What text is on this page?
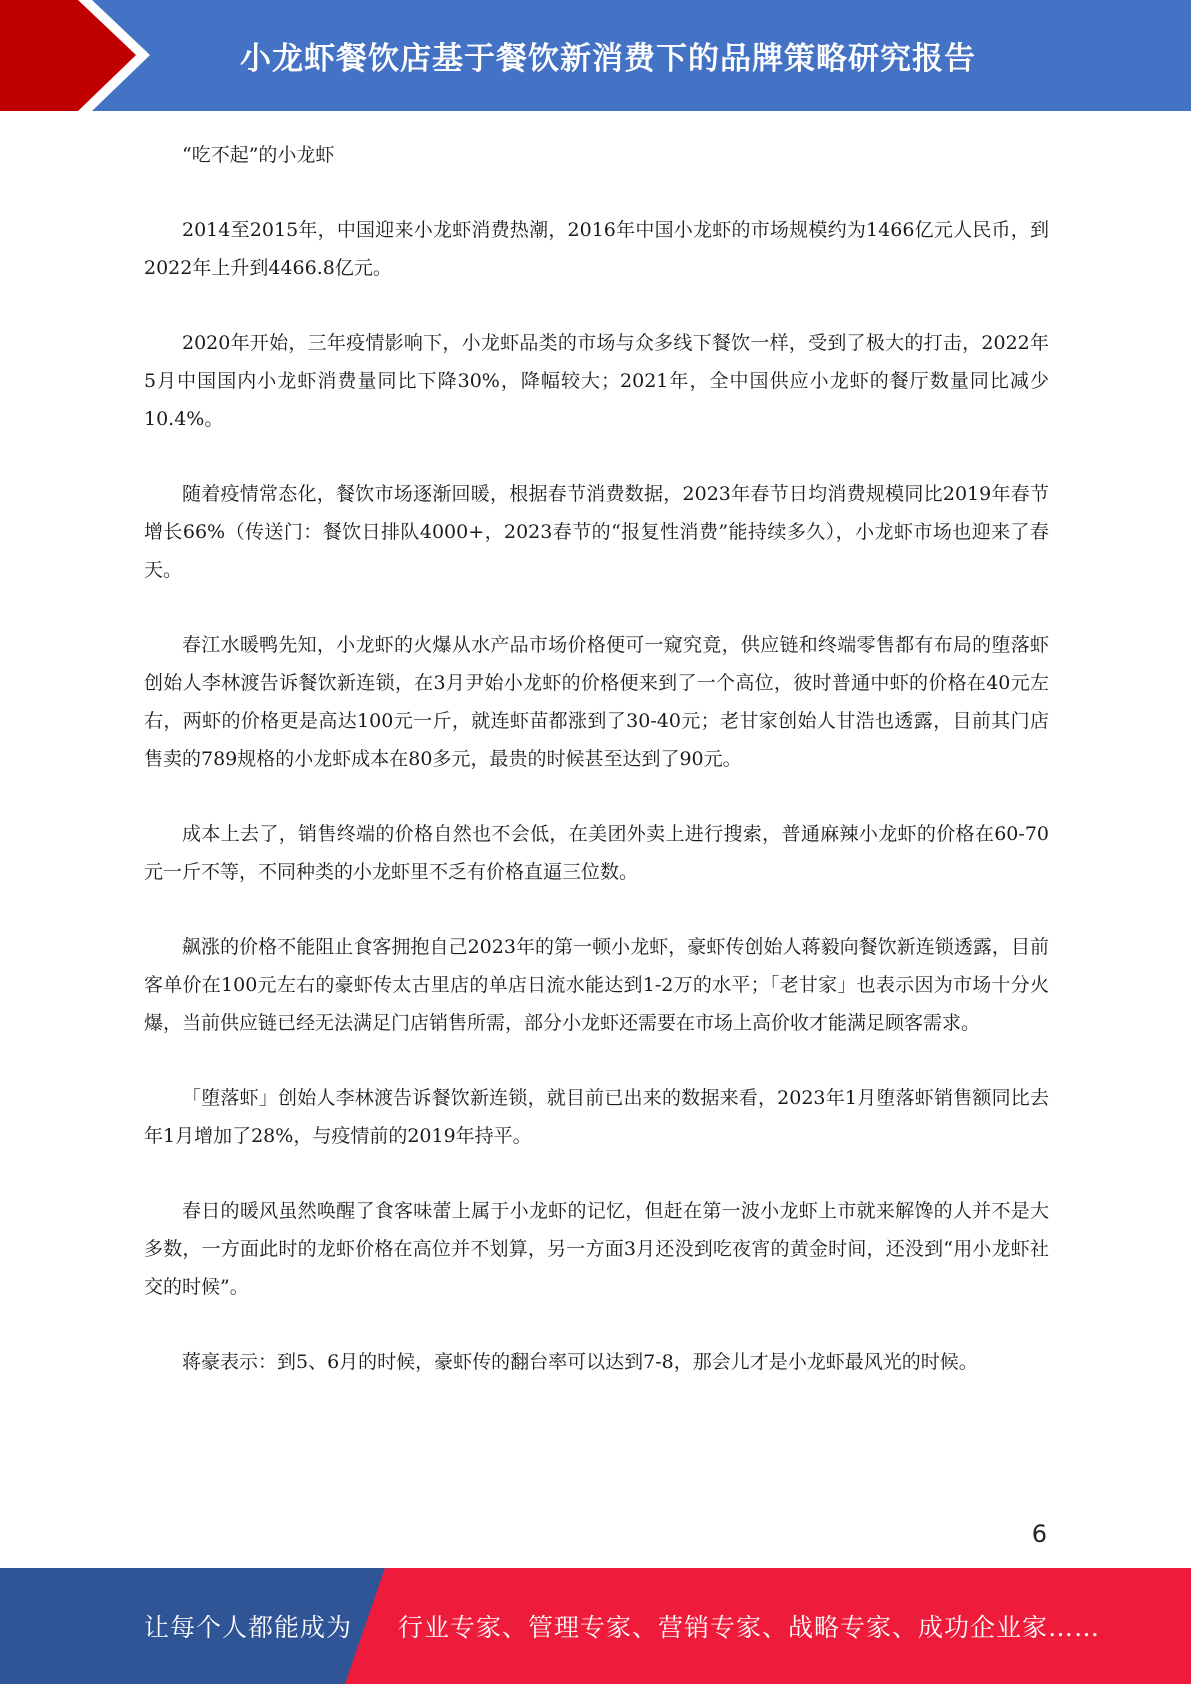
小龙虾餐饮店基于餐饮新消费下的品牌策略研究报告

“吃不起”的小龙虾

2014至2015年，中国迎来小龙虾消费热潮，2016年中国小龙虾的市场规模约为1466亿元人民币，到2022年上升到4466.8亿元。

2020年开始，三年疫情影响下，小龙虾品类的市场与众多线下餐饮一样，受到了极大的打击，2022年5月中国国内小龙虾消费量同比下降30%，降幅较大；2021年，全中国供应小龙虾的餐厅数量同比减少10.4%。

随着疫情常态化，餐饮市场逐渐回暖，根据春节消费数据，2023年春节日均消费规模同比2019年春节增长66%（传送门：餐饮日排队4000+，2023春节的“报复性消费”能持续多久），小龙虾市场也迎来了春天。

春江水暖鸭先知，小龙虾的火爆从水产品市场价格便可一窥究竟，供应链和终端零售都有布局的堕落虾创始人李林渡告诉餐饮新连锁，在3月尹始小龙虾的价格便来到了一个高位，彼时普通中虾的价格在40元左右，两虾的价格更是高达100元一斤，就连虾苗都涨到了30-40元；老甘家创始人甘浩也透露，目前其门店售卖的789规格的小龙虾成本在80多元，最贵的时候甚至达到了90元。

成本上去了，销售终端的价格自然也不会低，在美团外卖上进行搜索，普通麻辣小龙虾的价格在60-70元一斤不等，不同种类的小龙虾里不乏有价格直逼三位数。

飙涨的价格不能阻止食客拥抱自己2023年的第一顿小龙虾，豪虾传创始人蒋毅向餐饮新连锁透露，目前客单价在100元左右的豪虾传太古里店的单店日流水能达到1-2万的水平；「老甘家」也表示因为市场十分火爆，当前供应链已经无法满足门店销售所需，部分小龙虾还需要在市场上高价收才能满足顾客需求。

「堕落虾」创始人李林渡告诉餐饮新连锁，就目前已出来的数据来看，2023年1月堕落虾销售额同比去年1月增加了28%，与疫情前的2019年持平。

春日的暖风虽然唤醒了食客味蕾上属于小龙虾的记忆，但赶在第一波小龙虾上市就来解馋的人并不是大多数，一方面此时的龙虾价格在高位并不划算，另一方面3月还没到吃夜宵的黄金时间，还没到“用小龙虾社交的时候”。

蒋豪表示：到5、6月的时候，豪虾传的翻台率可以达到7-8，那会儿才是小龙虾最风光的时候。

6
让每个人都能成为 行业专家、管理专家、营销专家、战略专家、成功企业家……
